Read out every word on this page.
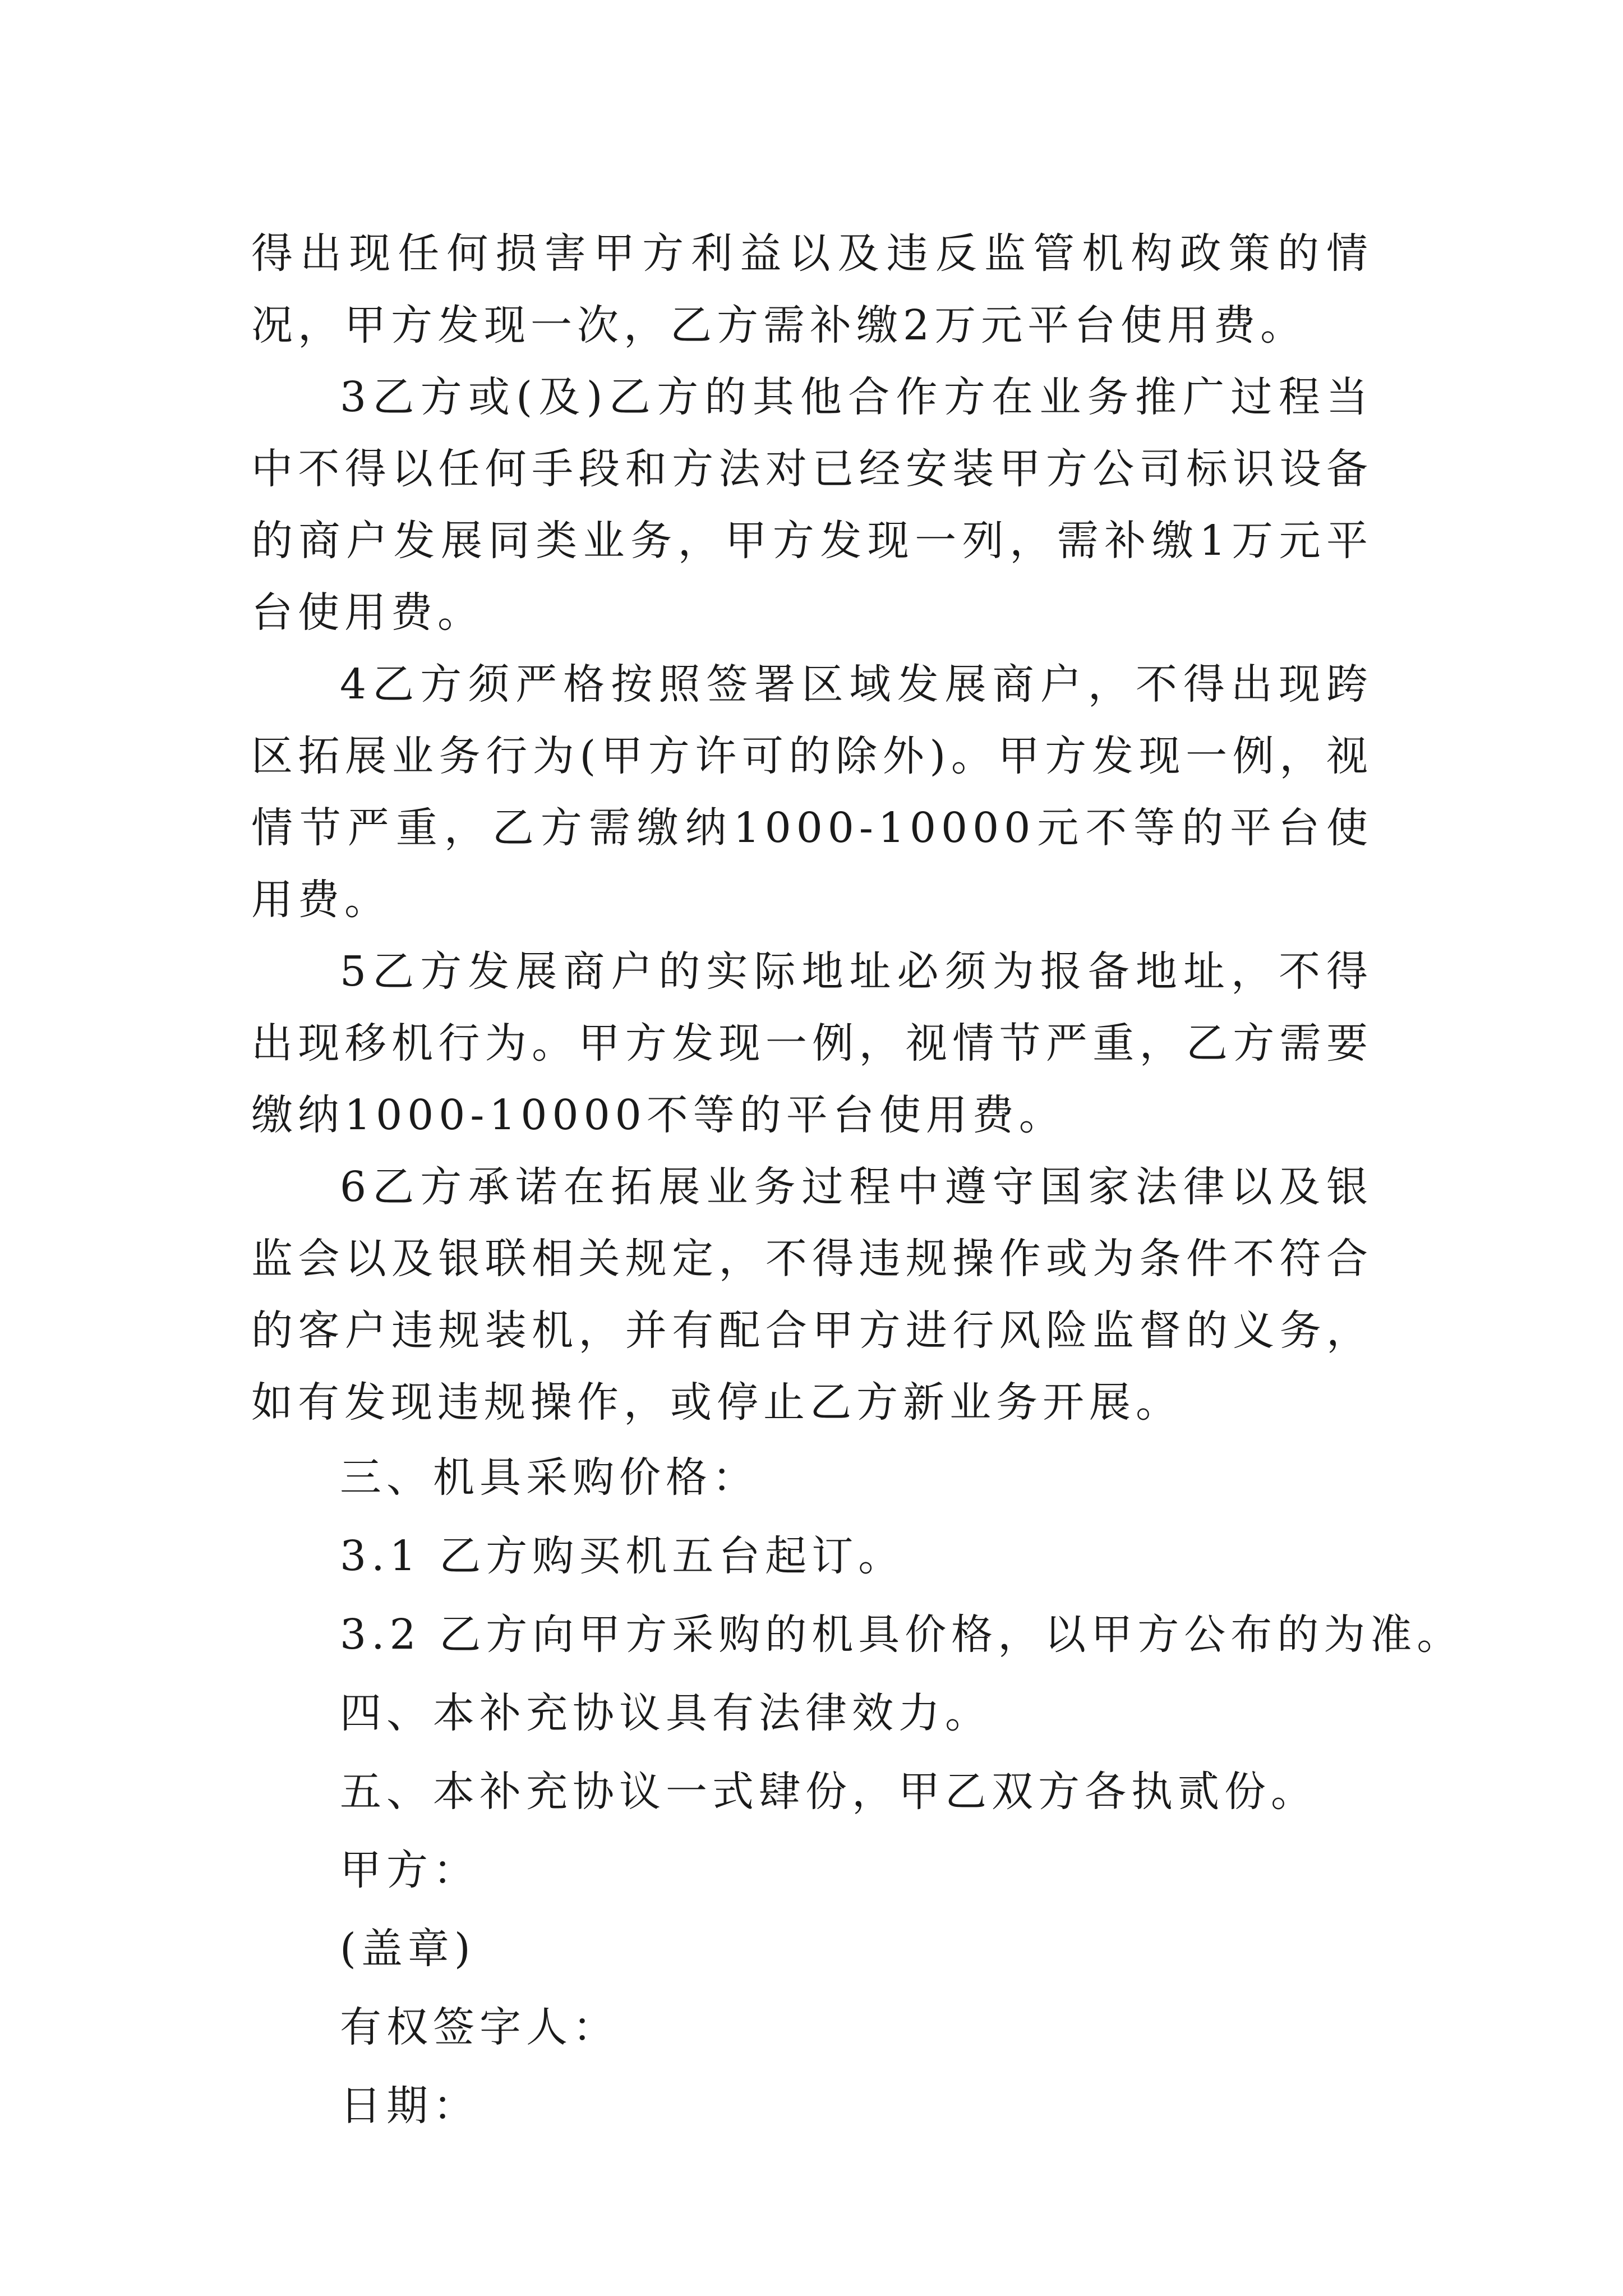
得出现任何损害甲方利益以及违反监管机构政策的情况，甲方发现一次，乙方需补缴2万元平台使用费。

3乙方或(及)乙方的其他合作方在业务推广过程当中不得以任何手段和方法对已经安装甲方公司标识设备的商户发展同类业务，甲方发现一列，需补缴1万元平台使用费。

4乙方须严格按照签署区域发展商户，不得出现跨区拓展业务行为(甲方许可的除外)。甲方发现一例，视情节严重，乙方需缴纳1000-10000元不等的平台使用费。

5乙方发展商户的实际地址必须为报备地址，不得出现移机行为。甲方发现一例，视情节严重，乙方需要缴纳1000-10000不等的平台使用费。

6乙方承诺在拓展业务过程中遵守国家法律以及银监会以及银联相关规定，不得违规操作或为条件不符合的客户违规装机，并有配合甲方进行风险监督的义务，如有发现违规操作，或停止乙方新业务开展。

三、机具采购价格：

3.1 乙方购买机五台起订。

3.2 乙方向甲方采购的机具价格，以甲方公布的为准。

四、本补充协议具有法律效力。

五、本补充协议一式肆份，甲乙双方各执贰份。

甲方：

(盖章)

有权签字人：

日期：
